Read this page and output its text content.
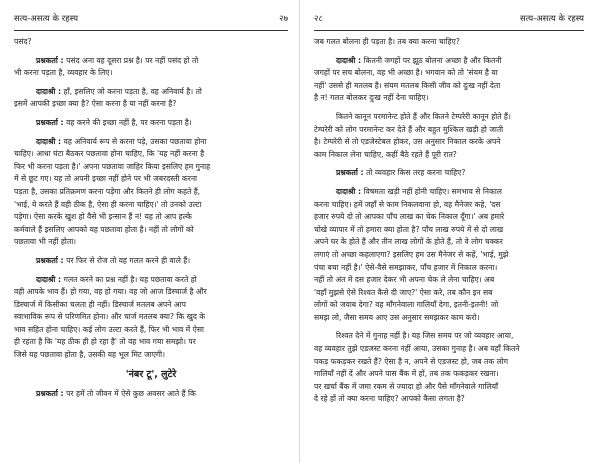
सत्य-असत्य के रहस्य	२७
पसंद?
प्रश्नकर्ता : पसंद अना वह दूसरा प्रश्न है। पर नहीं पसंद हो तो
भी करना पड़ता है, व्यवहार के लिए।
दादाश्री : हाँ, इसलिए जो करना पड़ता है, वह अनिवार्य है। तो
इसमें आपकी इच्छा क्या है? ऐसा करना है या नहीं करना है?
प्रश्नकर्ता : वह करने की इच्छा नहीं है, पर करना पड़ता है।
दादाश्री : वह अनिवार्य रूप से करना पड़े, उसका पछतावा होना
चाहिए। आधा घंटा बैठकर पछतावा होना चाहिए, कि 'यह नहीं करना है
फिर भी करना पड़ता है।' अपना पछतावा जाहिर किया इसलिए हम गुनाह
में से छूट गए। यह तो अपनी इच्छा नहीं होने पर भी जबरदस्ती करना
पड़ता है, उसका प्रतिक्रमण करना पड़ेगा और कितने ही लोग कहते हैं,
'भाई, ये करते हैं वही ठीक है, ऐसा ही करना चाहिए।' तो उनको उल्टा
पड़ेगा। ऐसा करके खुश हो वैसे भी इन्सान हैं न! यह तो आप हल्के
कर्मवाले हैं इसलिए आपको यह पछतावा होता है। नहीं तो लोगों को
पछतावा भी नहीं होता।
प्रश्नकर्ता : पर फिर से रोज तो वह गलत करने ही वाले हैं।
दादाश्री : गलत करने का प्रश्न नहीं है। यह पछतावा करते हो
वही आपके भाव हैं। हो गया, वह हो गया। वह जो आज डिस्चार्ज है और
डिस्चार्ज में किसीका चलता ही नहीं। डिस्चार्ज मतलब अपने आप
स्वाभाविक रूप से परिणमित होना। और चार्ज मतलब क्या? कि खुद के
भाव सहित होना चाहिए। कई लोग उल्टा करते हैं, फिर भी भाव में ऐसा
ही रहता है कि 'यह ठीक ही हो रहा है' तो वह भाव गया समझो। पर
जिसे यह पछतावा होता है, उसकी यह भूल मिट जाएगी।
'नंबर टू', लुटेरे
प्रश्नकर्ता : पर हमें तो जीवन में ऐसे कुछ अवसर आते हैं कि
२८	सत्य-असत्य के रहस्य
जब गलत बोलना ही पड़ता है। तब क्या करना चाहिए?
दादाश्री : कितनी जगहों पर झूठ बोलना अच्छा है और कितनी
जगहों पर सच बोलना, वह भी अच्छा है। भगवान को तो 'संयम है या
नहीं' उससे ही मतलब है। संयम मतलब किसी जीव को दुःख नहीं देता
है न! गलत बोलकर दुःख नहीं देना चाहिए।
कितने कानून परमानेन्ट होते हैं और कितने टेम्परेरी कानून होते हैं।
टेम्परेरी को लोग परमानेन्ट कर देते हैं और बहुत मुश्किल खड़ी हो जाती
है। टेम्परेरी से तो एडजेस्टेबल होकर, उस अनुसार निकाल करके अपने
काम निकाल लेना चाहिए, कहीं बैठे रहते हैं पूरी रात?
प्रश्नकर्ता : तो व्यवहार किस तरह करना चाहिए?
दादाश्री : विषमता खड़ी नहीं होनी चाहिए। समभाव से निकाल
करना चाहिए। हमें जहाँ से काम निकलवाना हो, वह मैनेजर कहे, 'दस
हजार रुपये दो तो आपका पाँच लाख का चेक निकाल दूँगा।' अब हमारे
चोखे व्यापार में तो हमारा क्या होता है? पाँच लाख रुपये में से दो लाख
अपने घर के होते हैं और तीन लाख लोगों के होते हैं, तो वे लोग चक्कर
लगाएं तो अच्छा कहलाएगा? इसलिए हम उस मैनेजर से कहें, 'भाई, मुझे
पंचा बचा नहीं है।' ऐसे-वैसे समझाकर, पाँच हजार में निकाल करना।
नहीं तो अंत में दस हजार देकर भी अपना चेक ले लेना चाहिए। अब
'वहाँ मुझसे ऐसे रिश्वत कैसे दी जाए?' ऐसा करे, तब कौन इन सब
लोगों को जवाब देगा? वह माँगनेवाला गालियाँ देगा, इतनी-इतनी! जो
समझ लो, जैसा समय आए उस अनुसार समझकर काम करो।
रिश्वत देने में गुनाह नहीं है। यह जिस समय पर जो व्यवहार आया,
वह व्यवहार तुझे एडजस्ट करना नहीं आया, उसका गुनाह है। अब यहाँ कितने
पकड़ फकड़कर रखते हैं? ऐसा है न, अपने से एडजस्ट हो, जब तक लोग
गालियाँ नहीं दें और अपने पास बैंक में हों, तब तक फकड़कर रखना।
पर खर्चा बैंक में जमा रकम से ज्यादा हो और पैसे माँगनेवाले गालियाँ
दे रहे हों तो क्या करना चाहिए? आपको कैसा लगता है?
